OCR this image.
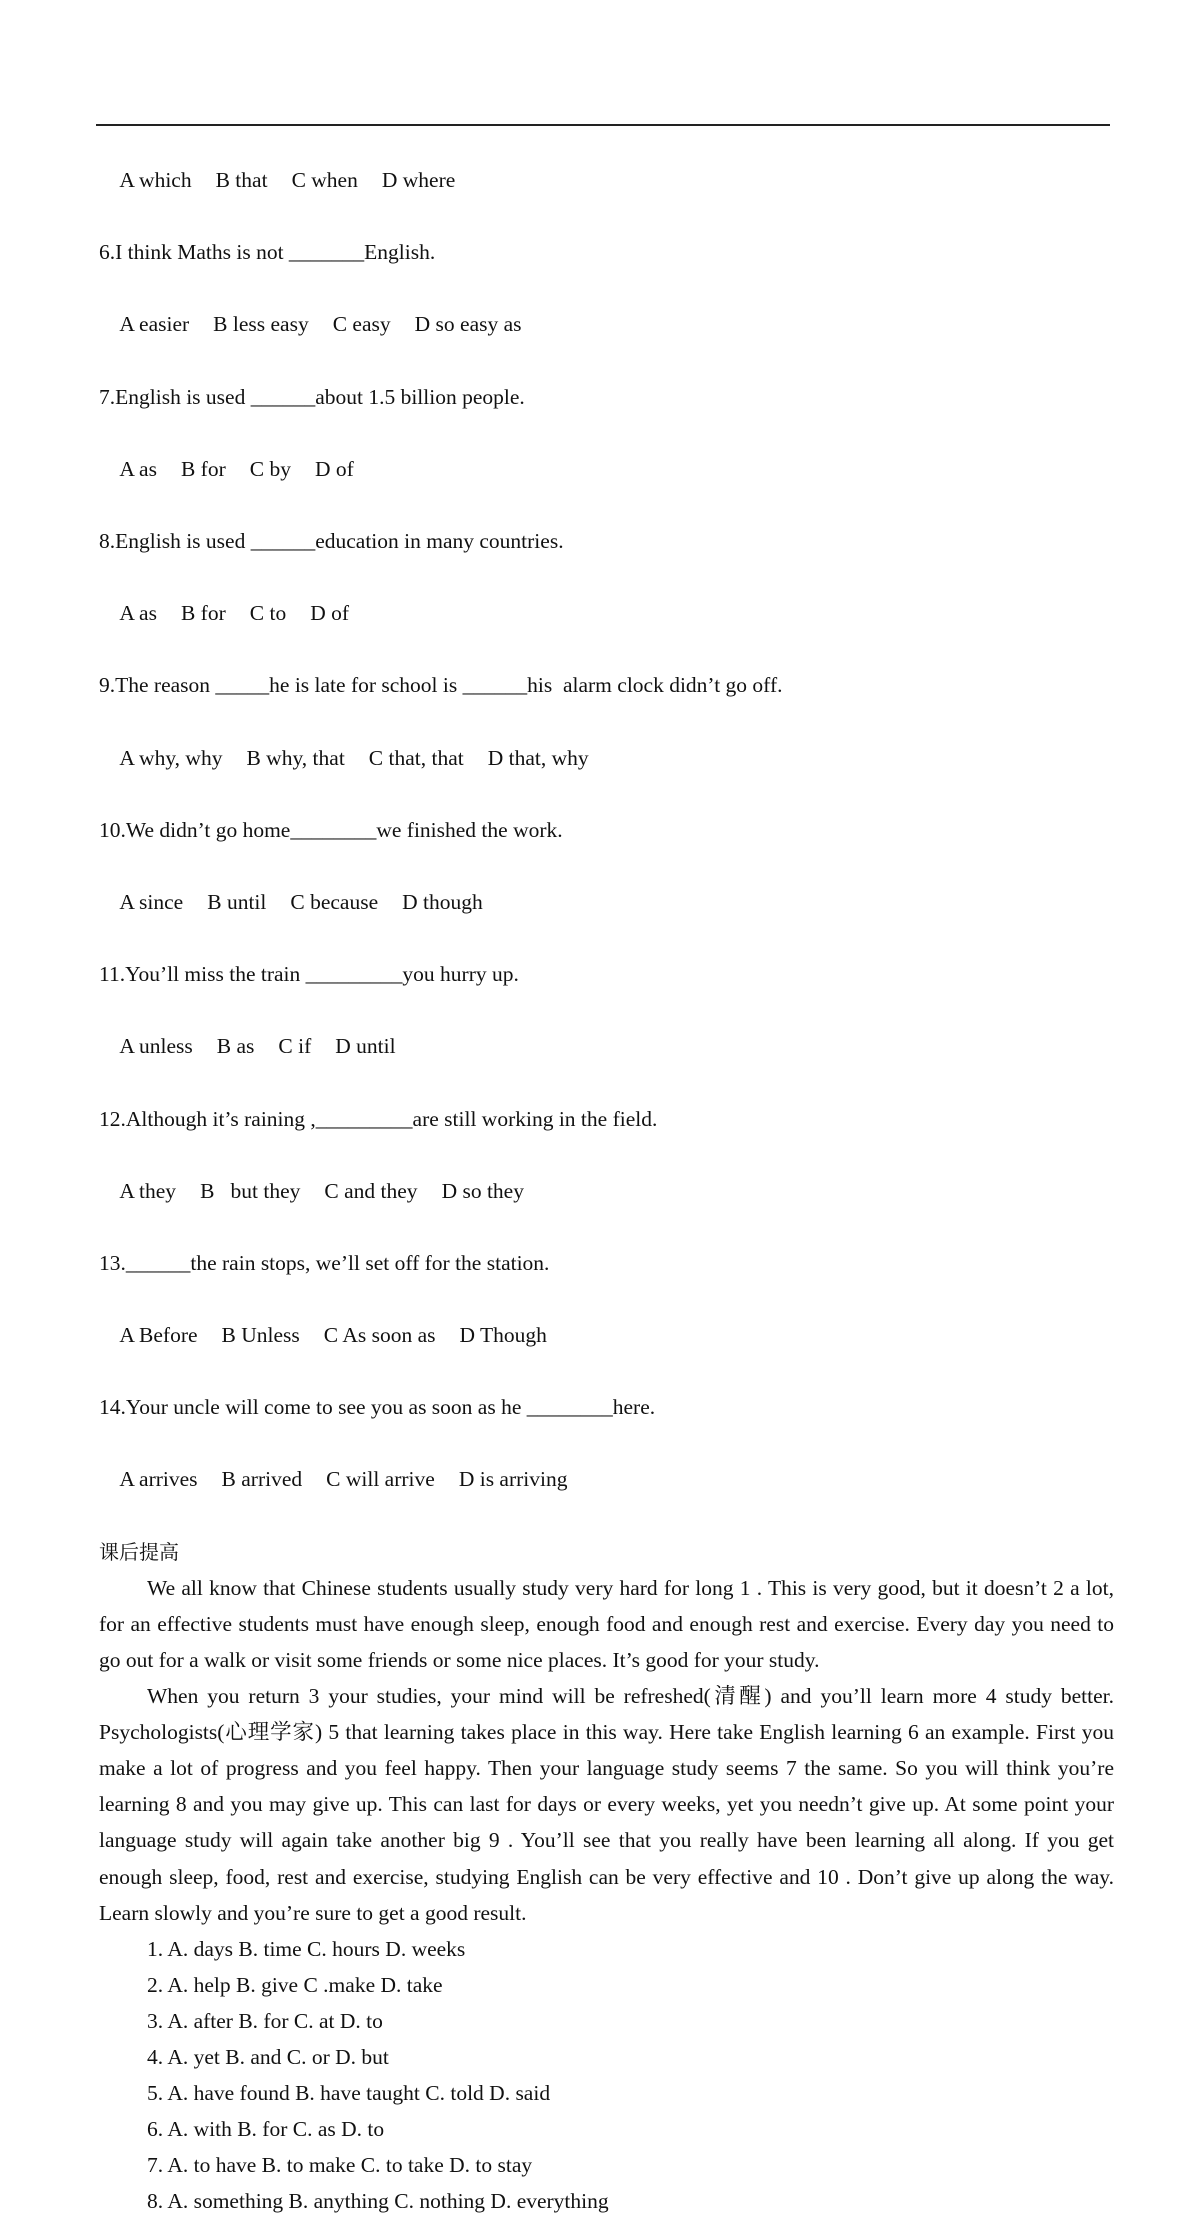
A which B that C when D where

6.I think Maths is not _______English.

A easier B less easy C easy D so easy as

7.English is used ______about 1.5 billion people.

A as B for C by D of

8.English is used ______education in many countries.

A as B for C to D of

9.The reason _____he is late for school is ______his  alarm clock didn’t go off.

A why, why B why, that C that, that D that, why

10.We didn’t go home________we finished the work.

A since B until C because D though

11.You’ll miss the train _________you hurry up.

A unless B as C if D until

12.Although it’s raining ,_________are still working in the field.

A they B   but they C and they D so they

13.______the rain stops, we’ll set off for the station.

A Before B Unless C As soon as D Though

14.Your uncle will come to see you as soon as he ________here.

A arrives B arrived C will arrive D is arriving

课后提高
We all know that Chinese students usually study very hard for long 1 . This is very good, but it doesn’t 2 a lot, for an effective students must have enough sleep, enough food and enough rest and exercise. Every day you need to go out for a walk or visit some friends or some nice places. It’s good for your study.
When you return 3 your studies, your mind will be refreshed(清醒) and you’ll learn more 4 study better. Psychologists(心理学家) 5 that learning takes place in this way. Here take English learning 6 an example. First you make a lot of progress and you feel happy. Then your language study seems 7 the same. So you will think you’re learning 8 and you may give up. This can last for days or every weeks, yet you needn’t give up. At some point your language study will again take another big 9 . You’ll see that you really have been learning all along. If you get enough sleep, food, rest and exercise, studying English can be very effective and 10 . Don’t give up along the way. Learn slowly and you’re sure to get a good result.
1. A. days B. time C. hours D. weeks
2. A. help B. give C .make D. take
3. A. after B. for C. at D. to
4. A. yet B. and C. or D. but
5. A. have found B. have taught C. told D. said
6. A. with B. for C. as D. to
7. A. to have B. to make C. to take D. to stay
8. A. something B. anything C. nothing D. everything
